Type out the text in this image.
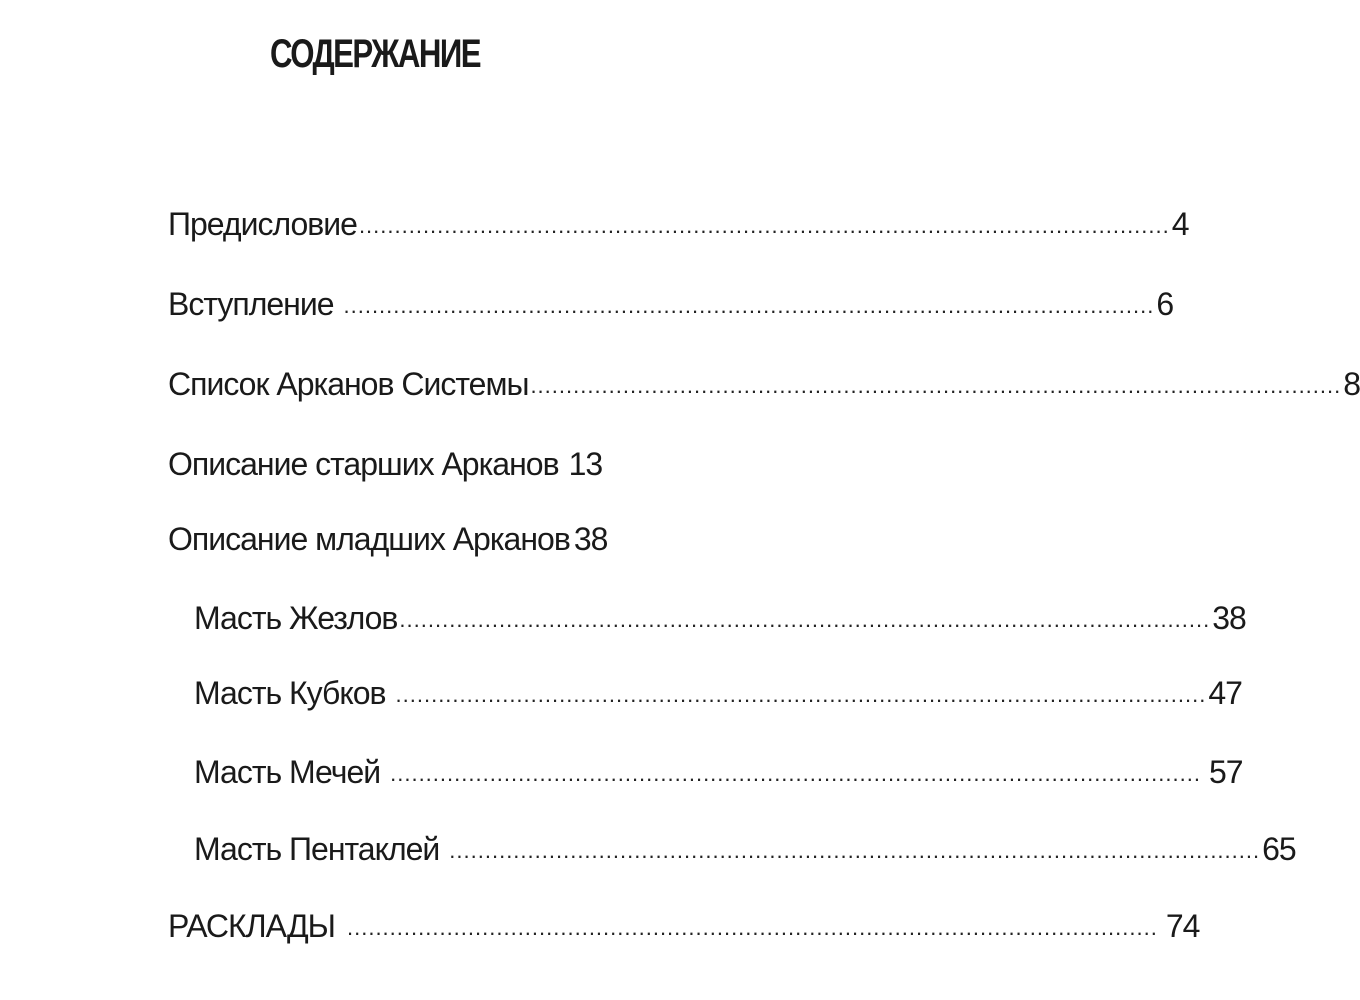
СОДЕРЖАНИЕ
Предисловие .................................................................................................................. 4
Вступление .................................................................................................................. 6
Список Арканов Системы .................................................................................................................. 8
Описание старших Арканов 13
Описание младших Арканов 38
Масть Жезлов .................................................................................................................. 38
Масть Кубков .................................................................................................................. 47
Масть Мечей .................................................................................................................. 57
Масть Пентаклей .................................................................................................................. 65
РАСКЛАДЫ .................................................................................................................. 74
